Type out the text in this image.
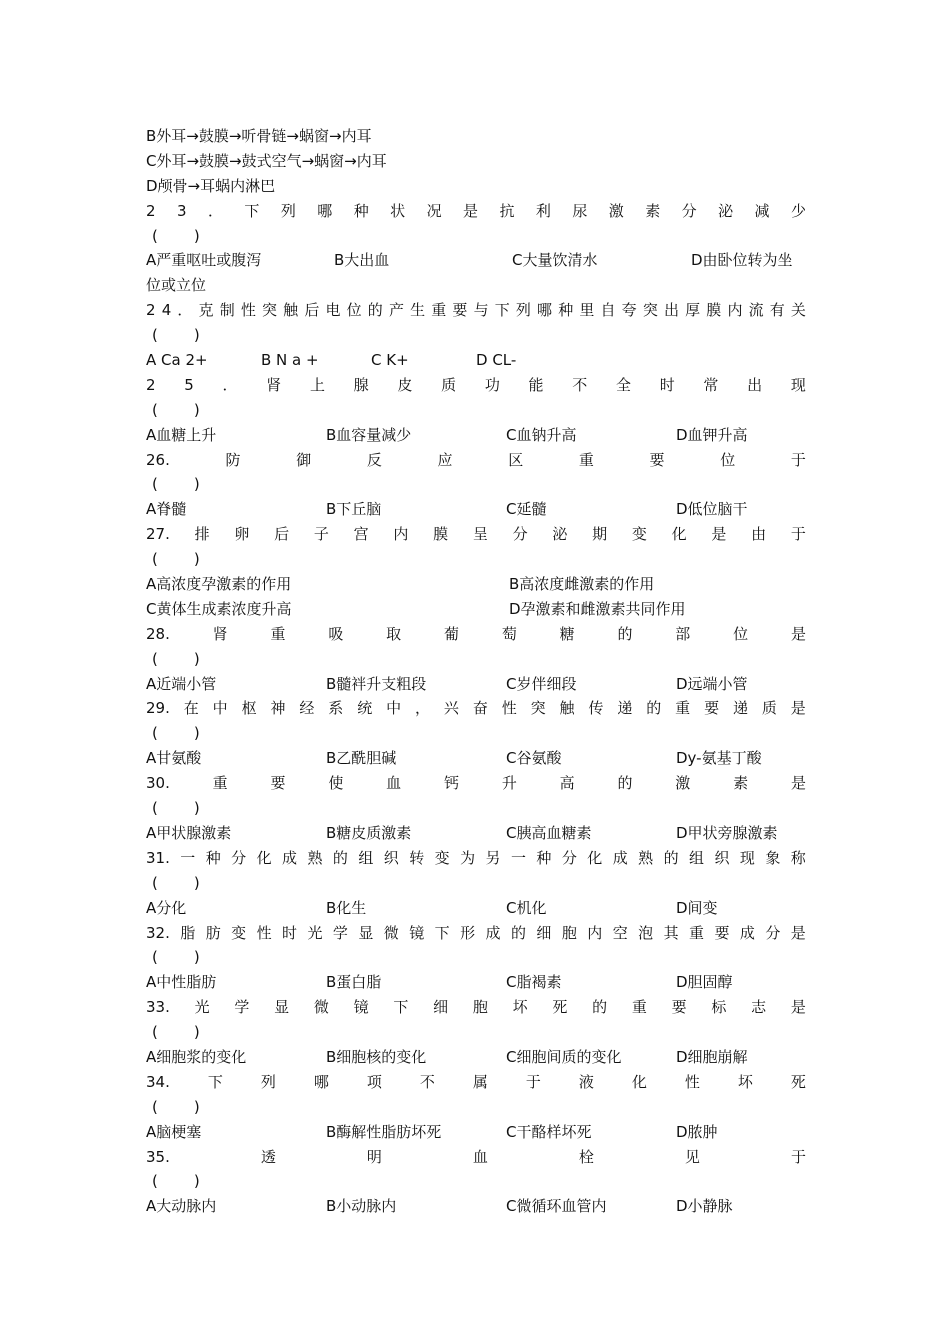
B外耳→鼓膜→听骨链→蜗窗→内耳
C外耳→鼓膜→鼓式空气→蜗窗→内耳
D颅骨→耳蜗内淋巴
2 3 ． 下 列 哪 种 状 况 是 抗 利 尿 激 素 分 泌 减 少
(　　)
A严重呕吐或腹泻	B大出血	C大量饮清水	D由卧位转为坐
位或立位
2 4 ． 克 制 性 突 触 后 电 位 的 产 生 重 要 与 下 列 哪 种 里 自 夸 突 出 厚 膜 内 流 有 关
(　　)
A Ca 2+	B N a +	C K+	D CL-
2 5 ． 肾 上 腺 皮 质 功 能 不 全 时 常 出 现
(　　)
A血糖上升	B血容量减少	C血钠升高	D血钾升高
26.	防	御	反	应	区	重	要	位	于
(　　)
A脊髓	B下丘脑	C延髓	D低位脑干
27. 排 卵 后 子 宫 内 膜 呈 分 泌 期 变 化 是 由 于
(　　)
A高浓度孕激素的作用	B高浓度雌激素的作用
C黄体生成素浓度升高	D孕激素和雌激素共同作用
28.	肾	重	吸	取	葡	萄	糖	的	部	位	是
(　　)
A近端小管	B髓袢升支粗段	C岁伴细段	D远端小管
29. 在 中 枢 神 经 系 统 中 ， 兴 奋 性 突 触 传 递 的 重 要 递 质 是
(　　)
A甘氨酸	B乙酰胆碱	C谷氨酸	Dy-氨基丁酸
30.	重	要	使	血	钙	升	高	的	激	素	是
(　　)
A甲状腺激素	B糖皮质激素	C胰高血糖素	D甲状旁腺激素
31. 一 种 分 化 成 熟 的 组 织 转 变 为 另 一 种 分 化 成 熟 的 组 织 现 象 称
(　　)
A分化	B化生	C机化	D间变
32. 脂 肪 变 性 时 光 学 显 微 镜 下 形 成 的 细 胞 内 空 泡 其 重 要 成 分 是
(　　)
A中性脂肪	B蛋白脂	C脂褐素	D胆固醇
33. 光 学 显 微 镜 下 细 胞 坏 死 的 重 要 标 志 是
(　　)
A细胞浆的变化	B细胞核的变化	C细胞间质的变化	D细胞崩解
34.	下	列	哪	项	不	属	于	液	化	性	坏	死
(　　)
A脑梗塞	B酶解性脂肪坏死	C干酪样坏死	D脓肿
35.	透	明	血	栓	见	于
(　　)
A大动脉内	B小动脉内	C微循环血管内	D小静脉
